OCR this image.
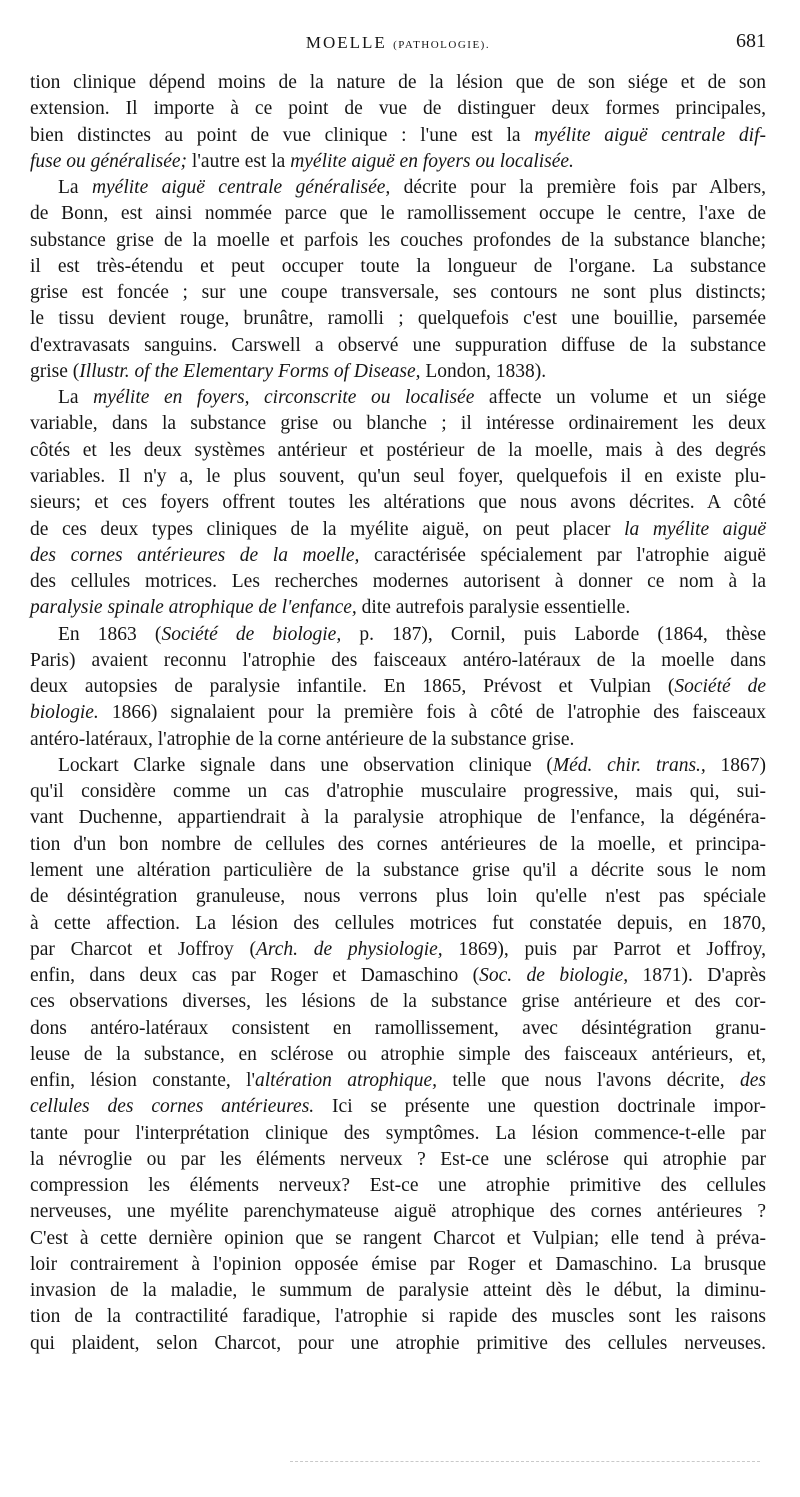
MOELLE (PATHOLOGIE).	681
tion clinique dépend moins de la nature de la lésion que de son siége et de son
extension. Il importe à ce point de vue de distinguer deux formes principales,
bien distinctes au point de vue clinique : l'une est la myélite aiguë centrale dif-
fuse ou généralisée; l'autre est la myélite aiguë en foyers ou localisée.
La myélite aiguë centrale généralisée, décrite pour la première fois par Albers,
de Bonn, est ainsi nommée parce que le ramollissement occupe le centre, l'axe de
substance grise de la moelle et parfois les couches profondes de la substance blanche;
il est très-étendu et peut occuper toute la longueur de l'organe. La substance
grise est foncée ; sur une coupe transversale, ses contours ne sont plus distincts;
le tissu devient rouge, brunâtre, ramolli ; quelquefois c'est une bouillie, parsemée
d'extravasats sanguins. Carswell a observé une suppuration diffuse de la substance
grise (Illustr. of the Elementary Forms of Disease, London, 1838).
La myélite en foyers, circonscrite ou localisée affecte un volume et un siége
variable, dans la substance grise ou blanche ; il intéresse ordinairement les deux
côtés et les deux systèmes antérieur et postérieur de la moelle, mais à des degrés
variables. Il n'y a, le plus souvent, qu'un seul foyer, quelquefois il en existe plu-
sieurs; et ces foyers offrent toutes les altérations que nous avons décrites. A côté
de ces deux types cliniques de la myélite aiguë, on peut placer la myélite aiguë
des cornes antérieures de la moelle, caractérisée spécialement par l'atrophie aiguë
des cellules motrices. Les recherches modernes autorisent à donner ce nom à la
paralysie spinale atrophique de l'enfance, dite autrefois paralysie essentielle.
En 1863 (Société de biologie, p. 187), Cornil, puis Laborde (1864, thèse
Paris) avaient reconnu l'atrophie des faisceaux antéro-latéraux de la moelle dans
deux autopsies de paralysie infantile. En 1865, Prévost et Vulpian (Société de
biologie. 1866) signalaient pour la première fois à côté de l'atrophie des faisceaux
antéro-latéraux, l'atrophie de la corne antérieure de la substance grise.
Lockart Clarke signale dans une observation clinique (Méd. chir. trans., 1867)
qu'il considère comme un cas d'atrophie musculaire progressive, mais qui, sui-
vant Duchenne, appartiendrait à la paralysie atrophique de l'enfance, la dégénéra-
tion d'un bon nombre de cellules des cornes antérieures de la moelle, et principa-
lement une altération particulière de la substance grise qu'il a décrite sous le nom
de désintégration granuleuse, nous verrons plus loin qu'elle n'est pas spéciale
à cette affection. La lésion des cellules motrices fut constatée depuis, en 1870,
par Charcot et Joffroy (Arch. de physiologie, 1869), puis par Parrot et Joffroy,
enfin, dans deux cas par Roger et Damaschino (Soc. de biologie, 1871). D'après
ces observations diverses, les lésions de la substance grise antérieure et des cor-
dons antéro-latéraux consistent en ramollissement, avec désintégration granu-
leuse de la substance, en sclérose ou atrophie simple des faisceaux antérieurs, et,
enfin, lésion constante, l'altération atrophique, telle que nous l'avons décrite, des
cellules des cornes antérieures. Ici se présente une question doctrinale impor-
tante pour l'interprétation clinique des symptômes. La lésion commence-t-elle par
la névroglie ou par les éléments nerveux ? Est-ce une sclérose qui atrophie par
compression les éléments nerveux? Est-ce une atrophie primitive des cellules
nerveuses, une myélite parenchymateuse aiguë atrophique des cornes antérieures ?
C'est à cette dernière opinion que se rangent Charcot et Vulpian; elle tend à préva-
loir contrairement à l'opinion opposée émise par Roger et Damaschino. La brusque
invasion de la maladie, le summum de paralysie atteint dès le début, la diminu-
tion de la contractilité faradique, l'atrophie si rapide des muscles sont les raisons
qui plaident, selon Charcot, pour une atrophie primitive des cellules nerveuses.
